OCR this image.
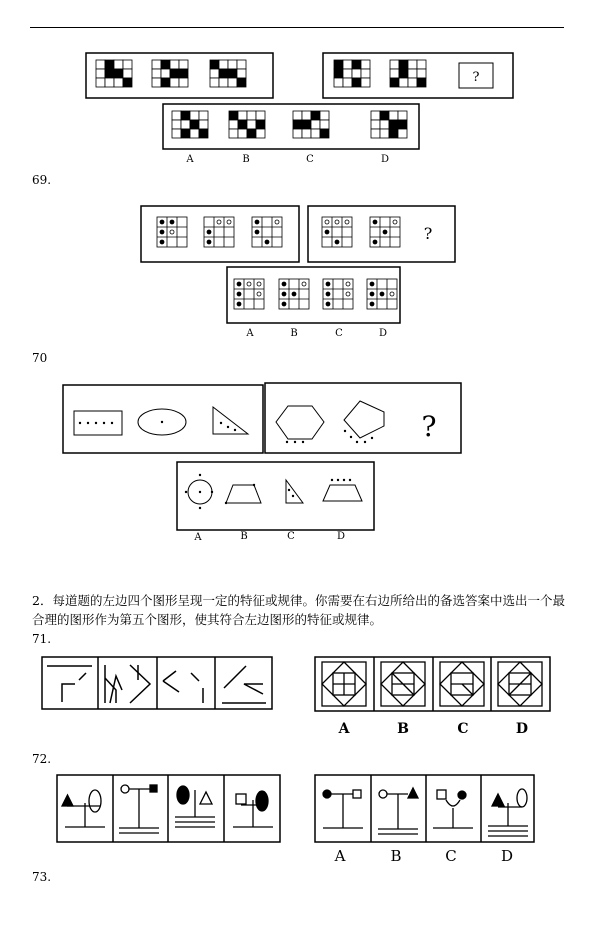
?
A	B	C	D
69.
?
A	B	C	D
70
?
A	B	C	D
2．每道题的左边四个图形呈现一定的特征或规律。你需要在右边所给出的备选答案中选出一个最合理的图形作为第五个图形，使其符合左边图形的特征或规律。
71.
A	B	C	D
72.
A	B	C	D
73.
